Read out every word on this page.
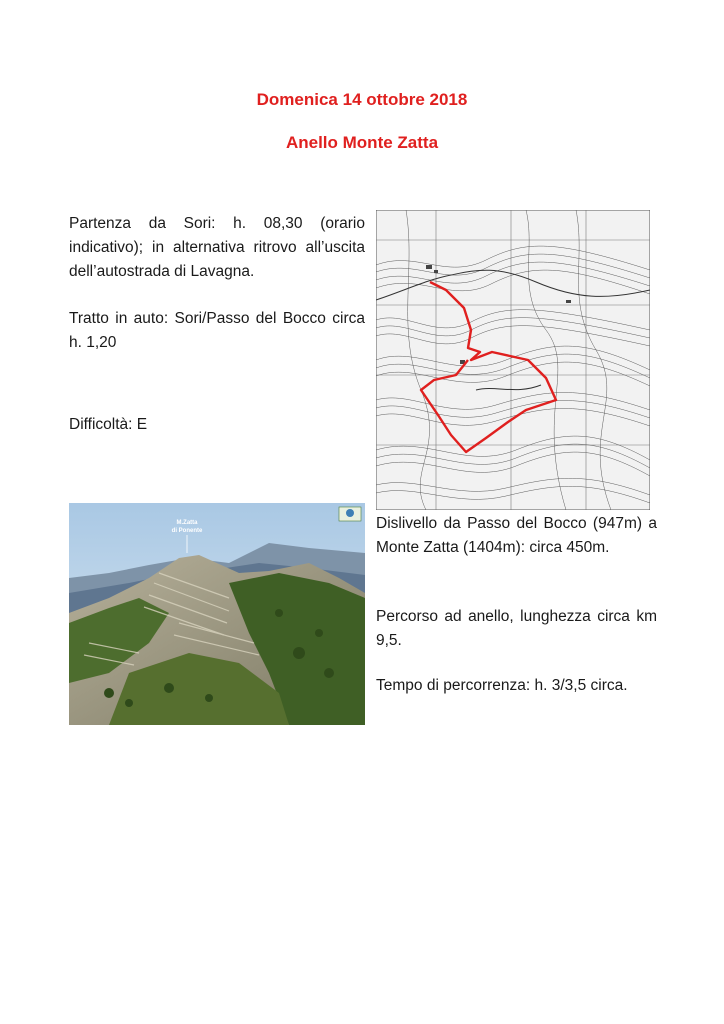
Domenica 14 ottobre 2018
Anello Monte Zatta

Partenza da Sori: h. 08,30 (orario indicativo); in alternativa ritrovo all’uscita dell’autostrada di Lavagna.

Tratto in auto: Sori/Passo del Bocco circa h. 1,20

Difficoltà: E

M.Zatta
di Ponente	Dislivello da Passo del Bocco (947m) a Monte Zatta (1404m): circa 450m.

Percorso ad anello, lunghezza circa km 9,5.

Tempo di percorrenza: h. 3/3,5 circa.
